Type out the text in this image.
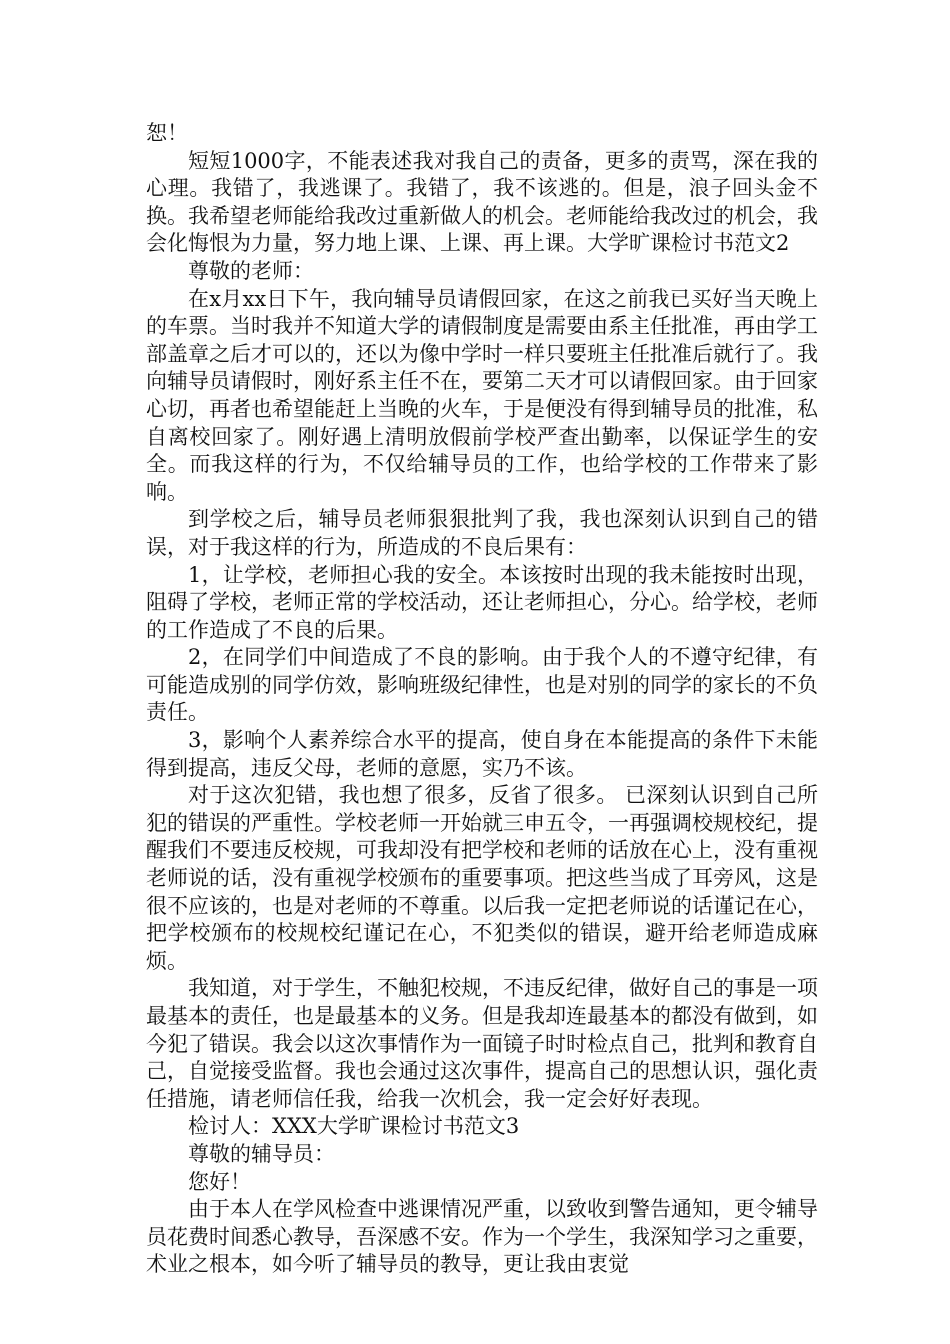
恕！

短短1000字，不能表述我对我自己的责备，更多的责骂，深在我的心理。我错了，我逃课了。我错了，我不该逃的。但是，浪子回头金不换。我希望老师能给我改过重新做人的机会。老师能给我改过的机会，我会化悔恨为力量，努力地上课、上课、再上课。大学旷课检讨书范文2

尊敬的老师：

在x月xx日下午，我向辅导员请假回家，在这之前我已买好当天晚上的车票。当时我并不知道大学的请假制度是需要由系主任批准，再由学工部盖章之后才可以的，还以为像中学时一样只要班主任批准后就行了。我向辅导员请假时，刚好系主任不在，要第二天才可以请假回家。由于回家心切，再者也希望能赶上当晚的火车，于是便没有得到辅导员的批准，私自离校回家了。刚好遇上清明放假前学校严查出勤率，以保证学生的安全。而我这样的行为，不仅给辅导员的工作，也给学校的工作带来了影响。

到学校之后，辅导员老师狠狠批判了我，我也深刻认识到自己的错误，对于我这样的行为，所造成的不良后果有：

1，让学校，老师担心我的安全。本该按时出现的我未能按时出现，阻碍了学校，老师正常的学校活动，还让老师担心，分心。给学校，老师的工作造成了不良的后果。

2，在同学们中间造成了不良的影响。由于我个人的不遵守纪律，有可能造成别的同学仿效，影响班级纪律性，也是对别的同学的家长的不负责任。

3，影响个人素养综合水平的提高，使自身在本能提高的条件下未能得到提高，违反父母，老师的意愿，实乃不该。

对于这次犯错，我也想了很多，反省了很多。 已深刻认识到自己所犯的错误的严重性。学校老师一开始就三申五令，一再强调校规校纪，提醒我们不要违反校规，可我却没有把学校和老师的话放在心上，没有重视老师说的话，没有重视学校颁布的重要事项。把这些当成了耳旁风，这是很不应该的，也是对老师的不尊重。以后我一定把老师说的话谨记在心，把学校颁布的校规校纪谨记在心，不犯类似的错误，避开给老师造成麻烦。

我知道，对于学生，不触犯校规，不违反纪律，做好自己的事是一项最基本的责任，也是最基本的义务。但是我却连最基本的都没有做到，如今犯了错误。我会以这次事情作为一面镜子时时检点自己，批判和教育自己，自觉接受监督。我也会通过这次事件，提高自己的思想认识，强化责任措施，请老师信任我，给我一次机会，我一定会好好表现。

检讨人：XXX大学旷课检讨书范文3

尊敬的辅导员：

您好！

由于本人在学风检查中逃课情况严重，以致收到警告通知，更令辅导员花费时间悉心教导，吾深感不安。作为一个学生，我深知学习之重要，术业之根本，如今听了辅导员的教导，更让我由衷觉
